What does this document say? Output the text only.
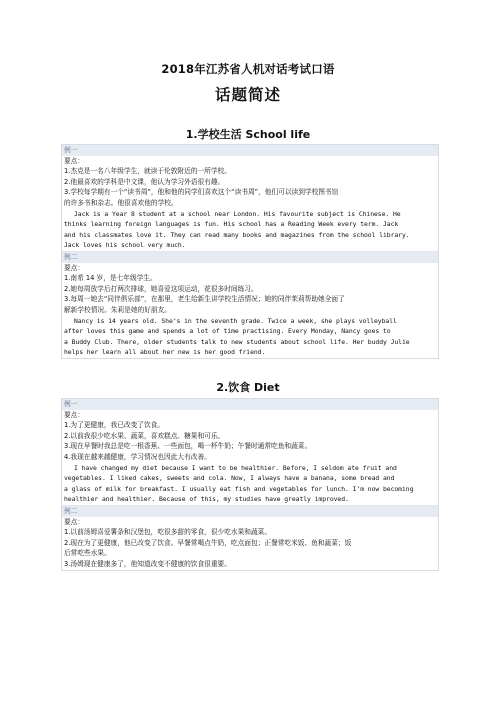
2018年江苏省人机对话考试口语
话题简述
1.学校生活 School life
例一
要点：
1.杰克是一名八年级学生，就读于伦敦附近的一所学校。
2.他最喜欢的学科是中文课，他认为学习外语很有趣。
3.学校每学期有一个“读书周”，他和他的同学们喜欢这个“读书周”，他们可以读到学校图书馆
的许多书和杂志。他很喜欢他的学校。
Jack is a Year 8 student at a school near London. His favourite subject is Chinese. He
thinks learning foreign languages is fun. His school has a Reading Week every term. Jack
and his classmates love it. They can read many books and magazines from the school library.
Jack loves his school very much.
例二
要点：
1.南希 14 岁，是七年级学生。
2.她每周放学后打两次排球，她喜爱这项运动，花很多时间练习。
3.每周一她去“同伴俱乐部”，在那里，老生给新生讲学校生活情况；她的同伴茱莉帮助她全面了
解新学校情况。朱莉是她的好朋友。
Nancy is 14 years old. She’s in the seventh grade. Twice a week, she plays volleyball
after loves this game and spends a lot of time practising. Every Monday, Nancy goes to
a Buddy Club. There, older students talk to new students about school life. Her buddy Julie
helps her learn all about her new is her good friend.
2.饮食 Diet
例一
要点：
1.为了更健康，我已改变了饮食。
2.以前我很少吃水果、蔬菜，喜欢糕点、糖果和可乐。
3.现在早餐时我总是吃一根香蕉、一些面包，喝一杯牛奶；午餐时通常吃鱼和蔬菜。
4.我现在越来越健康，学习情况也因此大有改善。
I have changed my diet because I want to be healthier. Before, I seldom ate fruit and
vegetables. I liked cakes, sweets and cola. Now, I always have a banana, some bread and
a glass of milk for breakfast. I usually eat fish and vegetables for lunch. I’m now becoming
healthier and healthier. Because of this, my studies have greatly improved.
例二
要点：
1.以前汤姆喜爱薯条和汉堡包，吃很多甜的零食，很少吃水果和蔬菜。
2.现在为了更健康，他已改变了饮食。早餐常喝点牛奶，吃点面包；正餐常吃米饭、鱼和蔬菜；饭
后常吃些水果。
3.汤姆现在健康多了，他知道改变不健康的饮食很重要。
